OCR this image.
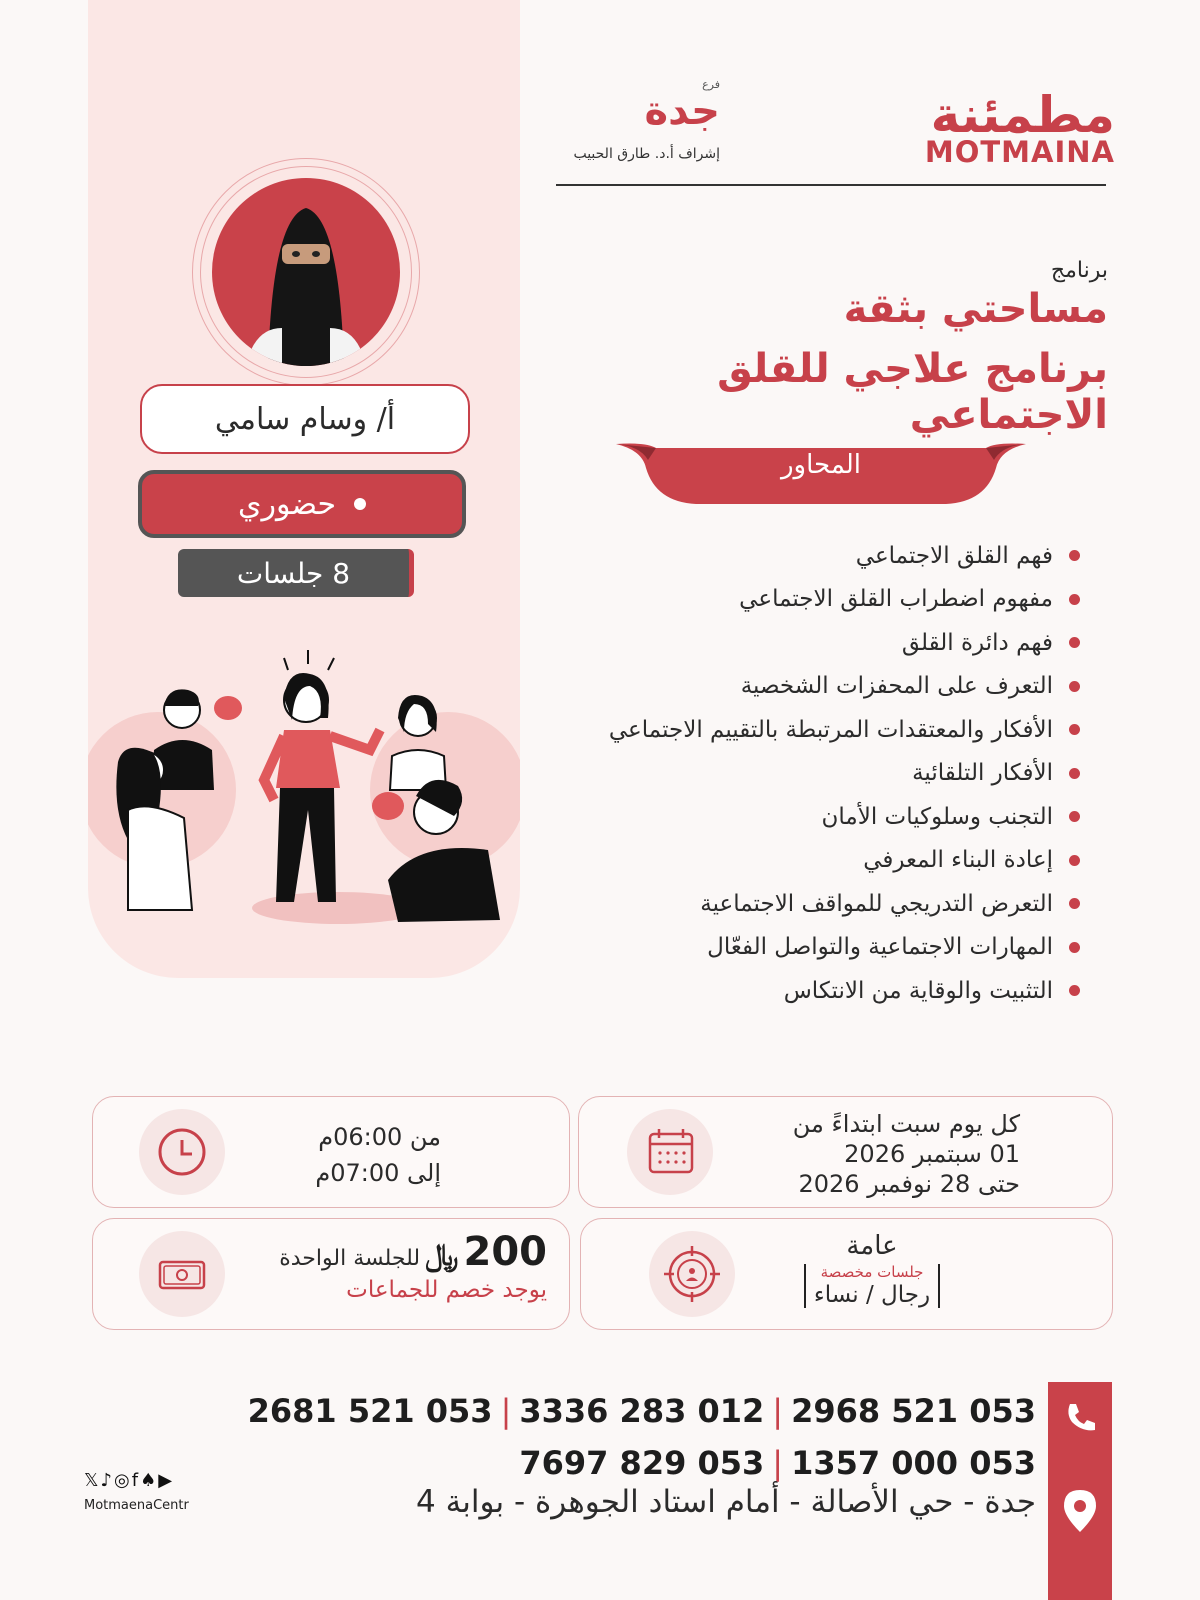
أ/ وسام سامي
حضوري
8 جلسات
مطمئنة
MOTMAINA
فرع
جدة
إشراف أ.د. طارق الحبيب
برنامج
مساحتي بثقة
برنامج علاجي للقلق الاجتماعي
المحاور
فهم القلق الاجتماعي
مفهوم اضطراب القلق الاجتماعي
فهم دائرة القلق
التعرف على المحفزات الشخصية
الأفكار والمعتقدات المرتبطة بالتقييم الاجتماعي
الأفكار التلقائية
التجنب وسلوكيات الأمان
إعادة البناء المعرفي
التعرض التدريجي للمواقف الاجتماعية
المهارات الاجتماعية والتواصل الفعّال
التثبيت والوقاية من الانتكاس
كل يوم سبت ابتداءً من
01 سبتمبر 2026
حتى 28 نوفمبر 2026
من 06:00م
إلى 07:00م
عامة
جلسات مخصصة
رجال / نساء
200 ﷼ للجلسة الواحدة
يوجد خصم للجماعات
053 521 2968|012 283 3336|053 521 2681
053 000 1357|053 829 7697
جدة - حي الأصالة - أمام استاد الجوهرة - بوابة 4
𝕏♪◎f♠▶
MotmaenaCentr
